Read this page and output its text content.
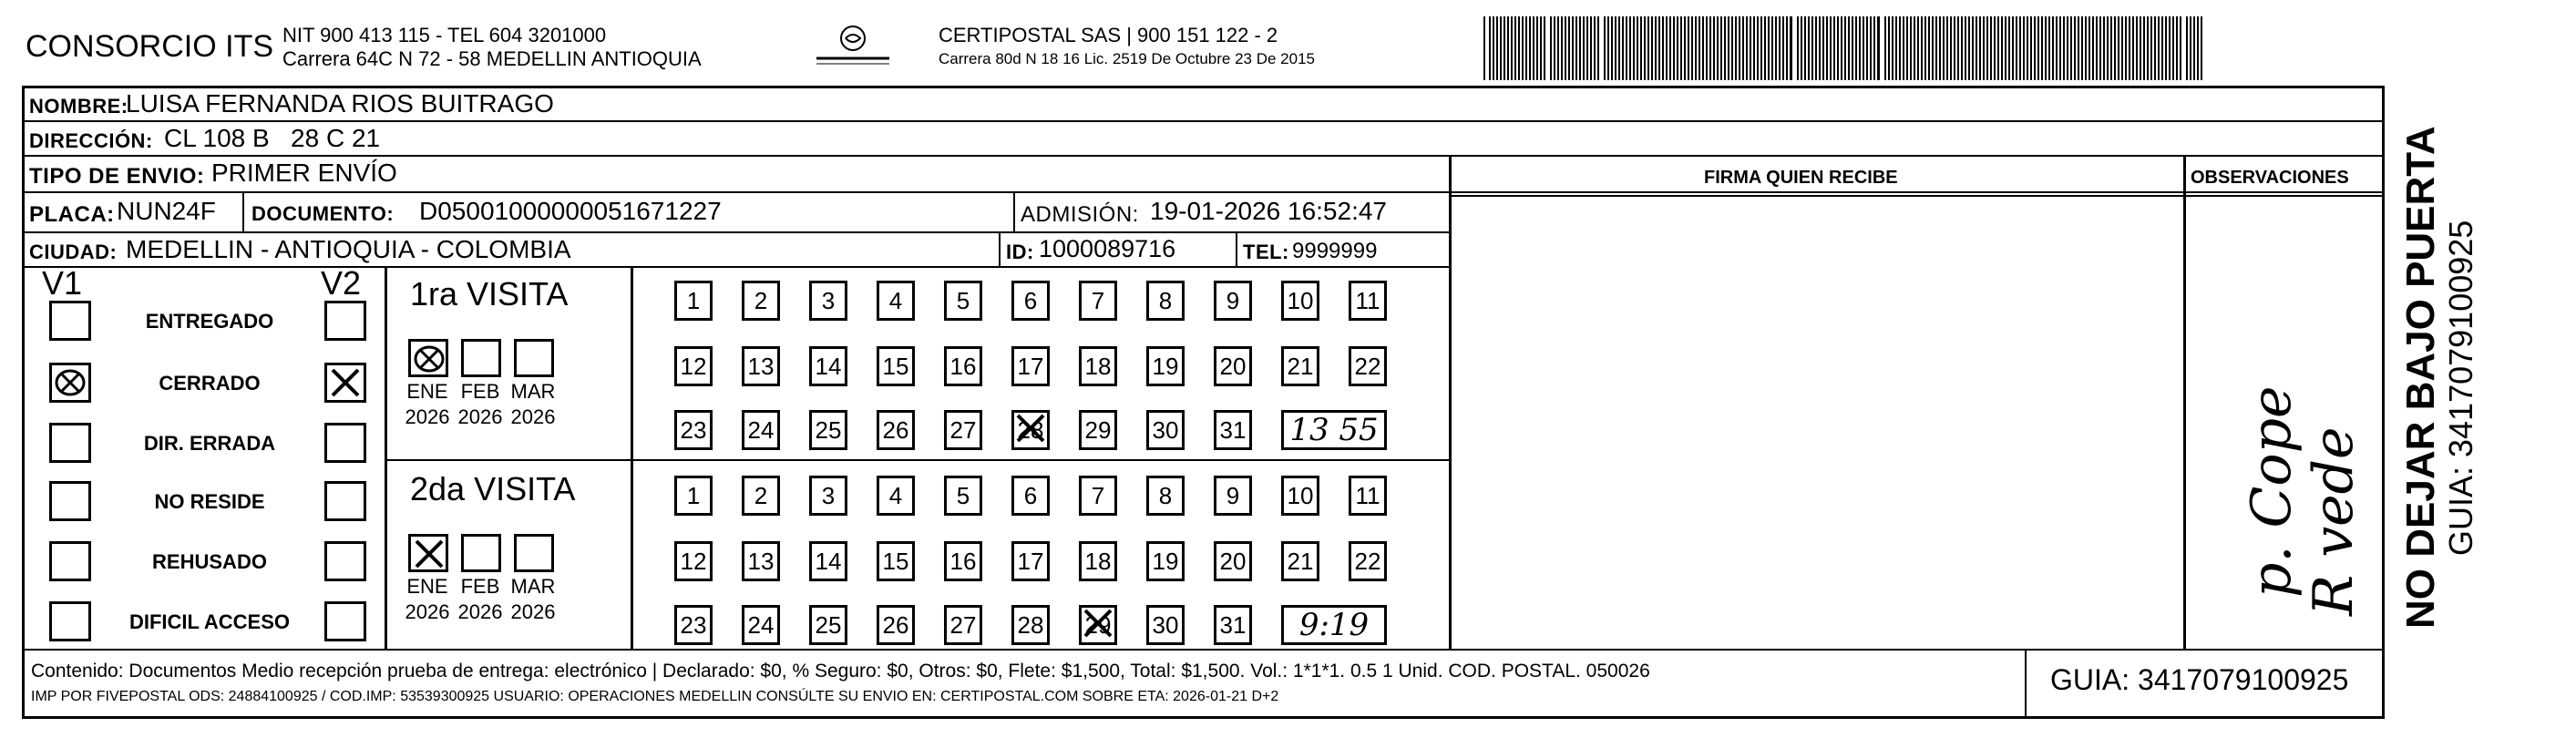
CONSORCIO ITS NIT 900 413 115 - TEL 604 3201000
Carrera 64C N 72 - 58 MEDELLIN ANTIOQUIA
CERTIPOSTAL SAS | 900 151 122 - 2
Carrera 80d N 18 16 Lic. 2519 De Octubre 23 De 2015
NOMBRE:
LUISA FERNANDA RIOS BUITRAGO
DIRECCIÓN: CL 108 B   28 C 21
TIPO DE ENVIO: PRIMER ENVÍO
PLACA: NUN24F DOCUMENTO: D05001000000051671227	ADMISIÓN: 19-01-2026 16:52:47
CIUDAD: MEDELLIN - ANTIOQUIA - COLOMBIA	ID: 1000089716	TEL: 9999999
FIRMA QUIEN RECIBE	OBSERVACIONES
p. Cope
R vede
V1	V2
ENTREGADO
CERRADO
DIR. ERRADA
NO RESIDE
REHUSADO
DIFICIL ACCESO
1ra VISITA
ENE
2026
FEB
2026
MAR
2026
1	2	3	4	5	6	7	8	9	10 11
12 13 14 15 16 17 18 19 20 21 22
23 24 25 26 27 28 29 30 31 13 55
2da VISITA
ENE
2026
FEB
2026
MAR
2026
1	2	3	4	5	6	7	8	9	10 11
12 13 14 15 16 17 18 19 20 21 22
23 24 25 26 27 28 29 30 31	9:19	NO DEJAR BAJO PUERTA GUIA: 3417079100925
Contenido: Documentos Medio recepción prueba de entrega: electrónico | Declarado: $0, % Seguro: $0, Otros: $0, Flete: $1,500, Total: $1,500. Vol.: 1*1*1. 0.5 1 Unid. COD. POSTAL. 050026
IMP POR FIVEPOSTAL ODS: 24884100925 / COD.IMP: 53539300925 USUARIO: OPERACIONES MEDELLIN CONSÚLTE SU ENVIO EN: CERTIPOSTAL.COM SOBRE ETA: 2026-01-21 D+2
GUIA: 3417079100925
